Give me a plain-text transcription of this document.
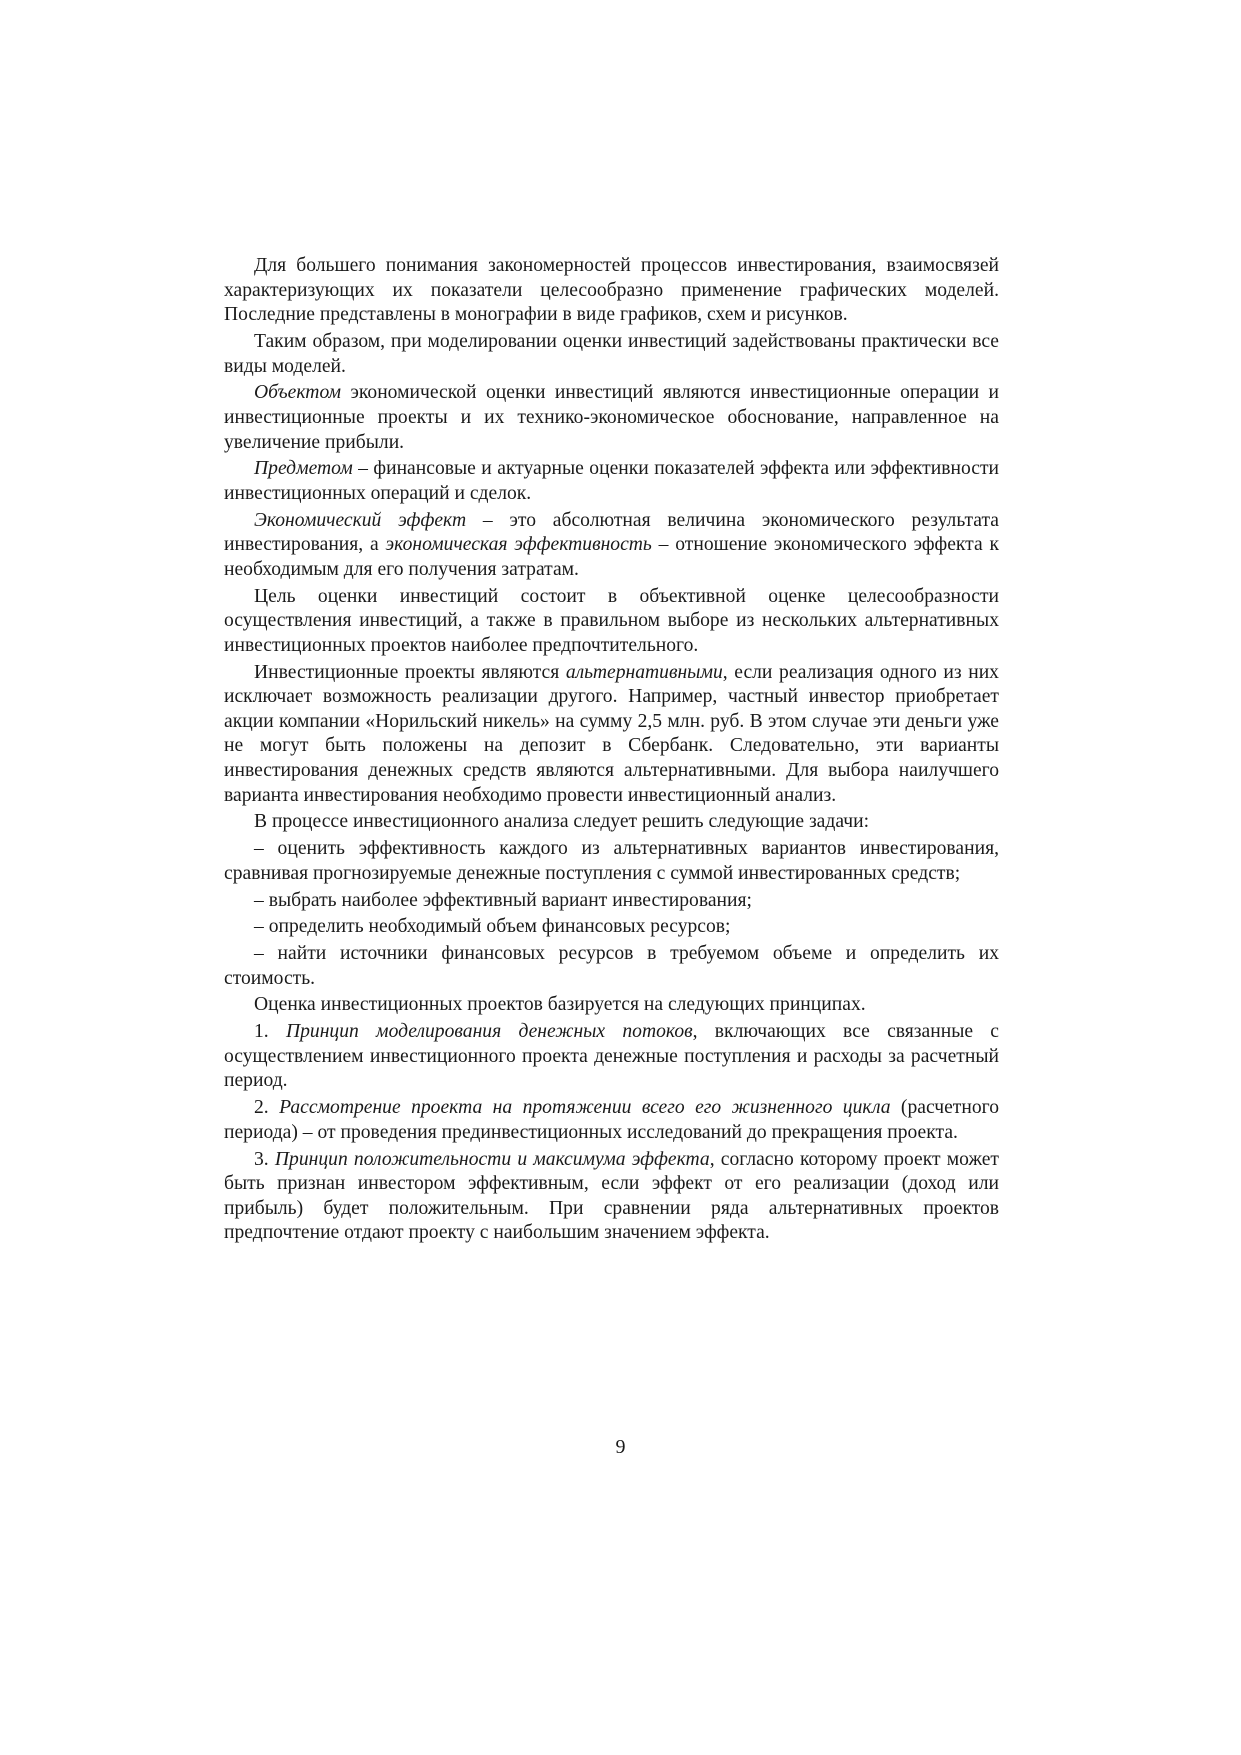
Для большего понимания закономерностей процессов инвестирования, взаимосвязей характеризующих их показатели целесообразно применение графических моделей. Последние представлены в монографии в виде графиков, схем и рисунков.

Таким образом, при моделировании оценки инвестиций задействованы практически все виды моделей.

Объектом экономической оценки инвестиций являются инвестиционные операции и инвестиционные проекты и их технико-экономическое обоснование, направленное на увеличение прибыли.

Предметом – финансовые и актуарные оценки показателей эффекта или эффективности инвестиционных операций и сделок.

Экономический эффект – это абсолютная величина экономического результата инвестирования, а экономическая эффективность – отношение экономического эффекта к необходимым для его получения затратам.

Цель оценки инвестиций состоит в объективной оценке целесообразности осуществления инвестиций, а также в правильном выборе из нескольких альтернативных инвестиционных проектов наиболее предпочтительного.

Инвестиционные проекты являются альтернативными, если реализация одного из них исключает возможность реализации другого. Например, частный инвестор приобретает акции компании «Норильский никель» на сумму 2,5 млн. руб. В этом случае эти деньги уже не могут быть положены на депозит в Сбербанк. Следовательно, эти варианты инвестирования денежных средств являются альтернативными. Для выбора наилучшего варианта инвестирования необходимо провести инвестиционный анализ.

В процессе инвестиционного анализа следует решить следующие задачи:

– оценить эффективность каждого из альтернативных вариантов инвестирования, сравнивая прогнозируемые денежные поступления с суммой инвестированных средств;

– выбрать наиболее эффективный вариант инвестирования;

– определить необходимый объем финансовых ресурсов;

– найти источники финансовых ресурсов в требуемом объеме и определить их стоимость.

Оценка инвестиционных проектов базируется на следующих принципах.

1. Принцип моделирования денежных потоков, включающих все связанные с осуществлением инвестиционного проекта денежные поступления и расходы за расчетный период.

2. Рассмотрение проекта на протяжении всего его жизненного цикла (расчетного периода) – от проведения прединвестиционных исследований до прекращения проекта.

3. Принцип положительности и максимума эффекта, согласно которому проект может быть признан инвестором эффективным, если эффект от его реализации (доход или прибыль) будет положительным. При сравнении ряда альтернативных проектов предпочтение отдают проекту с наибольшим значением эффекта.

9
